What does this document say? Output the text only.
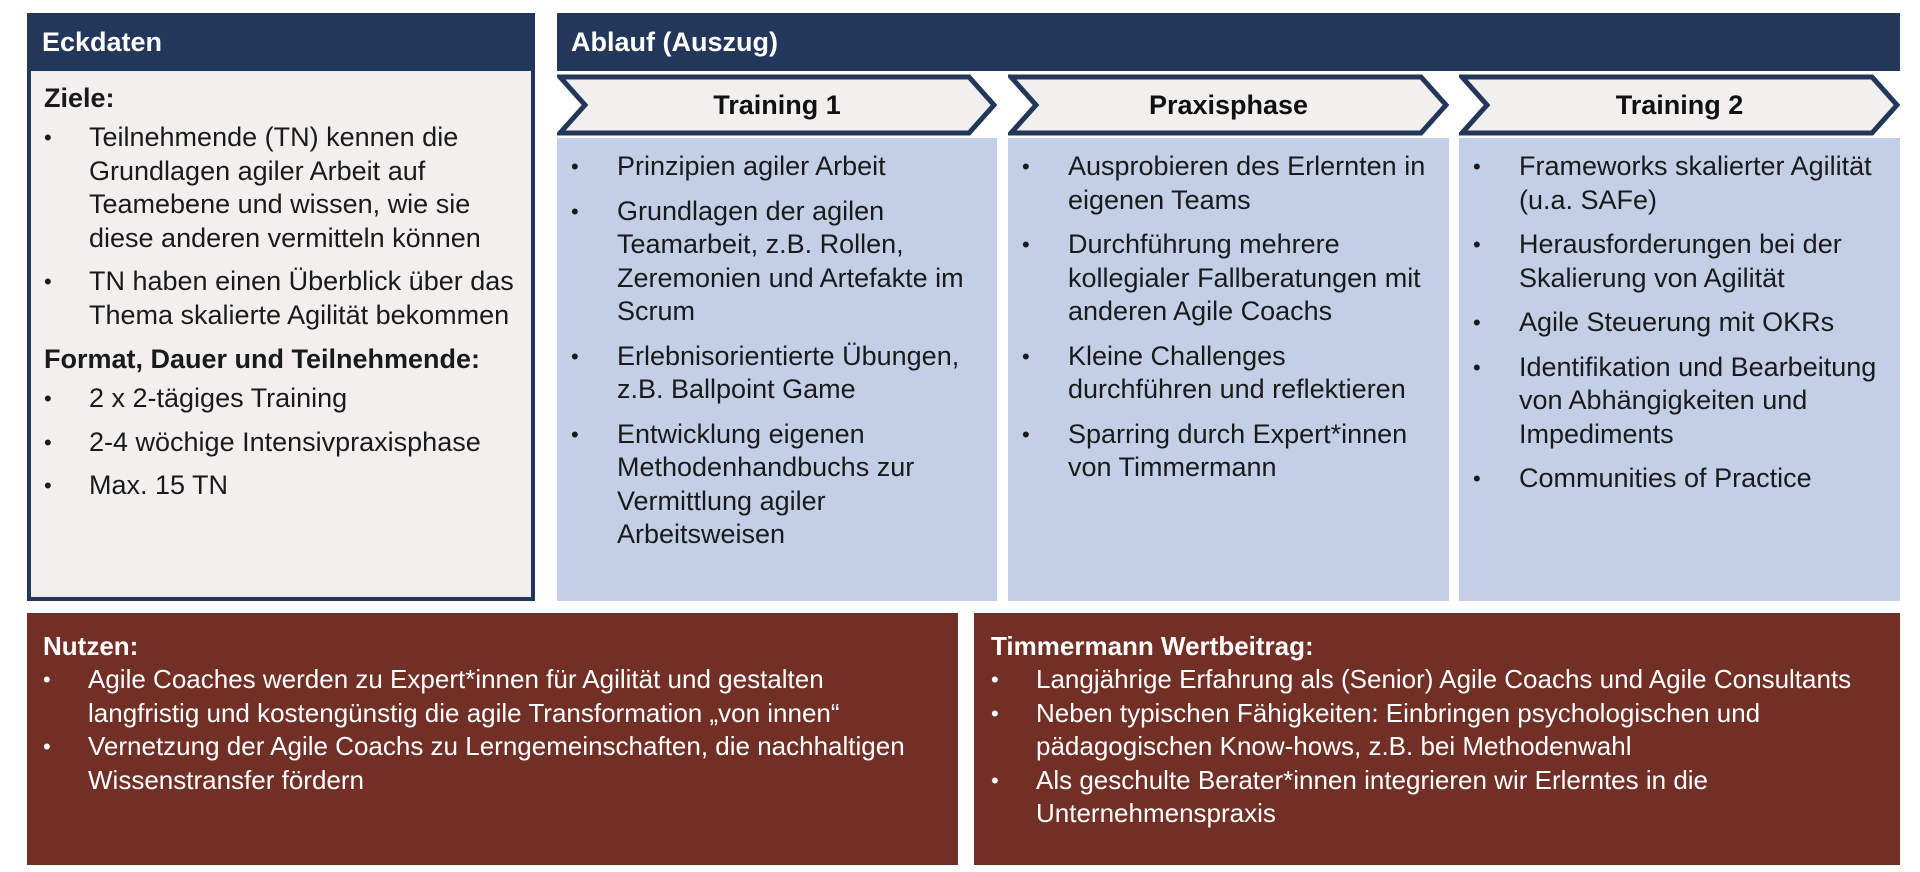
Eckdaten
Ziele:
• Teilnehmende (TN) kennen die Grundlagen agiler Arbeit auf Teamebene und wissen, wie sie diese anderen vermitteln können
• TN haben einen Überblick über das Thema skalierte Agilität bekommen
Format, Dauer und Teilnehmende:
• 2 x 2-tägiges Training
• 2-4 wöchige Intensivpraxisphase
• Max. 15 TN
Ablauf (Auszug)
Training 1	Praxisphase	Training 2
• Prinzipien agiler Arbeit
• Grundlagen der agilen Teamarbeit, z.B. Rollen, Zeremonien und Artefakte im Scrum
• Erlebnisorientierte Übungen, z.B. Ballpoint Game
• Entwicklung eigenen Methodenhandbuchs zur Vermittlung agiler Arbeitsweisen
• Ausprobieren des Erlernten in eigenen Teams
• Durchführung mehrere kollegialer Fallberatungen mit anderen Agile Coachs
• Kleine Challenges durchführen und reflektieren
• Sparring durch Expert*innen von Timmermann
• Frameworks skalierter Agilität (u.a. SAFe)
• Herausforderungen bei der Skalierung von Agilität
• Agile Steuerung mit OKRs
• Identifikation und Bearbeitung von Abhängigkeiten und Impediments
• Communities of Practice
Nutzen:
• Agile Coaches werden zu Expert*innen für Agilität und gestalten langfristig und kostengünstig die agile Transformation „von innen“
• Vernetzung der Agile Coachs zu Lerngemeinschaften, die nachhaltigen Wissenstransfer fördern
Timmermann Wertbeitrag:
• Langjährige Erfahrung als (Senior) Agile Coachs und Agile Consultants
• Neben typischen Fähigkeiten: Einbringen psychologischen und pädagogischen Know-hows, z.B. bei Methodenwahl
• Als geschulte Berater*innen integrieren wir Erlerntes in die Unternehmenspraxis
